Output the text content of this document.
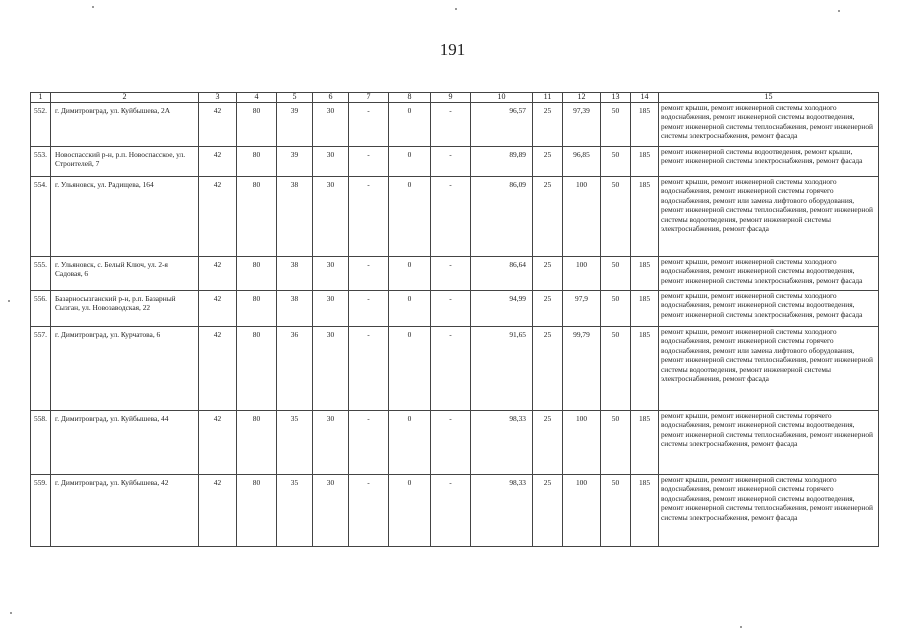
191
1	2	3	4	5	6	7	8	9	10	11	12	13	14	15
552.	г. Димитровград, ул. Куйбышева, 2А	42	80	39	30	-	0	-	96,57	25	97,39	50	185	ремонт крыши, ремонт инженерной системы холодного водоснабжения, ремонт инженерной системы водоотведения, ремонт инженерной системы теплоснабжения, ремонт инженерной системы электроснабжения, ремонт фасада
553.	Новоспасский р-н, р.п. Новоспасское, ул. Строителей, 7	42	80	39	30	-	0	-	89,89	25	96,85	50	185	ремонт инженерной системы водоотведения, ремонт крыши, ремонт инженерной системы электроснабжения, ремонт фасада
554.	г. Ульяновск, ул. Радищева, 164	42	80	38	30	-	0	-	86,09	25	100	50	185	ремонт крыши, ремонт инженерной системы холодного водоснабжения, ремонт инженерной системы горячего водоснабжения, ремонт или замена лифтового оборудования, ремонт инженерной системы теплоснабжения, ремонт инженерной системы водоотведения, ремонт инженерной системы электроснабжения, ремонт фасада
555.	г. Ульяновск, с. Белый Ключ, ул. 2-я Садовая, 6	42	80	38	30	-	0	-	86,64	25	100	50	185	ремонт крыши, ремонт инженерной системы холодного водоснабжения, ремонт инженерной системы водоотведения, ремонт инженерной системы электроснабжения, ремонт фасада
556.	Базарносызганский р-н, р.п. Базарный Сызган, ул. Новозаводская, 22	42	80	38	30	-	0	-	94,99	25	97,9	50	185	ремонт крыши, ремонт инженерной системы холодного водоснабжения, ремонт инженерной системы водоотведения, ремонт инженерной системы электроснабжения, ремонт фасада
557.	г. Димитровград, ул. Курчатова, 6	42	80	36	30	-	0	-	91,65	25	99,79	50	185	ремонт крыши, ремонт инженерной системы холодного водоснабжения, ремонт инженерной системы горячего водоснабжения, ремонт или замена лифтового оборудования, ремонт инженерной системы теплоснабжения, ремонт инженерной системы водоотведения, ремонт инженерной системы электроснабжения, ремонт фасада
558.	г. Димитровград, ул. Куйбышева, 44	42	80	35	30	-	0	-	98,33	25	100	50	185	ремонт крыши, ремонт инженерной системы горячего водоснабжения, ремонт инженерной системы водоотведения, ремонт инженерной системы теплоснабжения, ремонт инженерной системы электроснабжения, ремонт фасада
559.	г. Димитровград, ул. Куйбышева, 42	42	80	35	30	-	0	-	98,33	25	100	50	185	ремонт крыши, ремонт инженерной системы холодного водоснабжения, ремонт инженерной системы горячего водоснабжения, ремонт инженерной системы водоотведения, ремонт инженерной системы теплоснабжения, ремонт инженерной системы электроснабжения, ремонт фасада
